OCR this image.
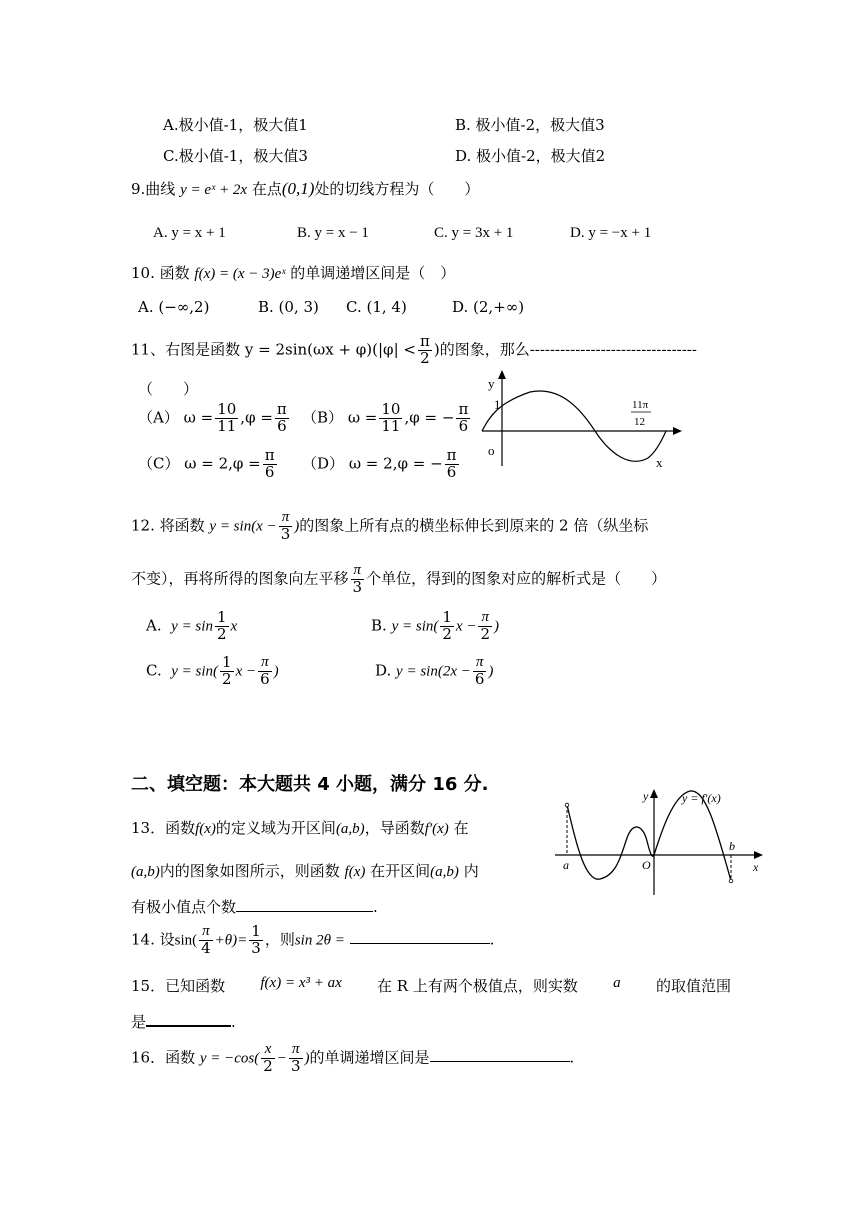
A.极小值-1，极大值1	B. 极小值-2，极大值3
C.极小值-1，极大值3	D. 极小值-2，极大值2
9.曲线 y = eˣ + 2x 在点(0,1)处的切线方程为（　　）
A. y = x + 1	B. y = x − 1	C. y = 3x + 1	D. y = −x + 1
10. 函数 f(x) = (x − 3)eˣ 的单调递增区间是（　）
A. (−∞,2)	B. (0, 3) C. (1, 4)	D. (2,+∞)
11、右图是函数 $y = 2\sin(\omega x + \varphi)(|\varphi| < \frac{\pi}{2}$ )的图象，那么---------------------------------
（　　）
（A） $\omega = \frac{10}{11} ,\varphi = \frac{\pi}{6} (B) \omega = \frac{10}{11} ,\varphi$ = − $\frac{\pi}{6}$
（C） $\omega = 2,\varphi = \frac{\pi}{6} (D) \omega = 2,\varphi$ = − $\frac{\pi}{6}$
y
1
o
x
11π
12
12. 将函数 $y = \sin(x - \frac{\pi}{3}$ )的图象上所有点的横坐标伸长到原来的 2 倍（纵坐标
不变），再将所得的图象向左平移 $\frac{\pi}{3}$ 个单位，得到的图象对应的解析式是（　　）
A. $y = \sin \frac{1}{2}$ x	B. $y = \sin( \frac{1}{2}$ $x - \frac{\pi}{2}$ )
C. $y = \sin( \frac{1}{2}$ $x - \frac{\pi}{6}$ )	D. $y = \sin(2x - \frac{\pi}{6}$ )
二、填空题：本大题共 4 小题，满分 16 分.
13．函数f(x)的定义域为开区间(a,b)，导函数f′(x) 在
(a,b)内的图象如图所示，则函数 f(x) 在开区间(a,b) 内
有极小值点个数	.
y	y = f′(x)
b
a	O	x
14. 设$\sin( \frac{\pi}{4} +\theta)= \frac{1}{3}$ ，则sin 2θ =	.
15．已知函数 f(x) = x³ + ax 在 R 上有两个极值点，则实数 a 的取值范围
是	.
16．函数 $y = -\cos( \frac{x}{2} - \frac{\pi}{3}$ )的单调递增区间是	.
